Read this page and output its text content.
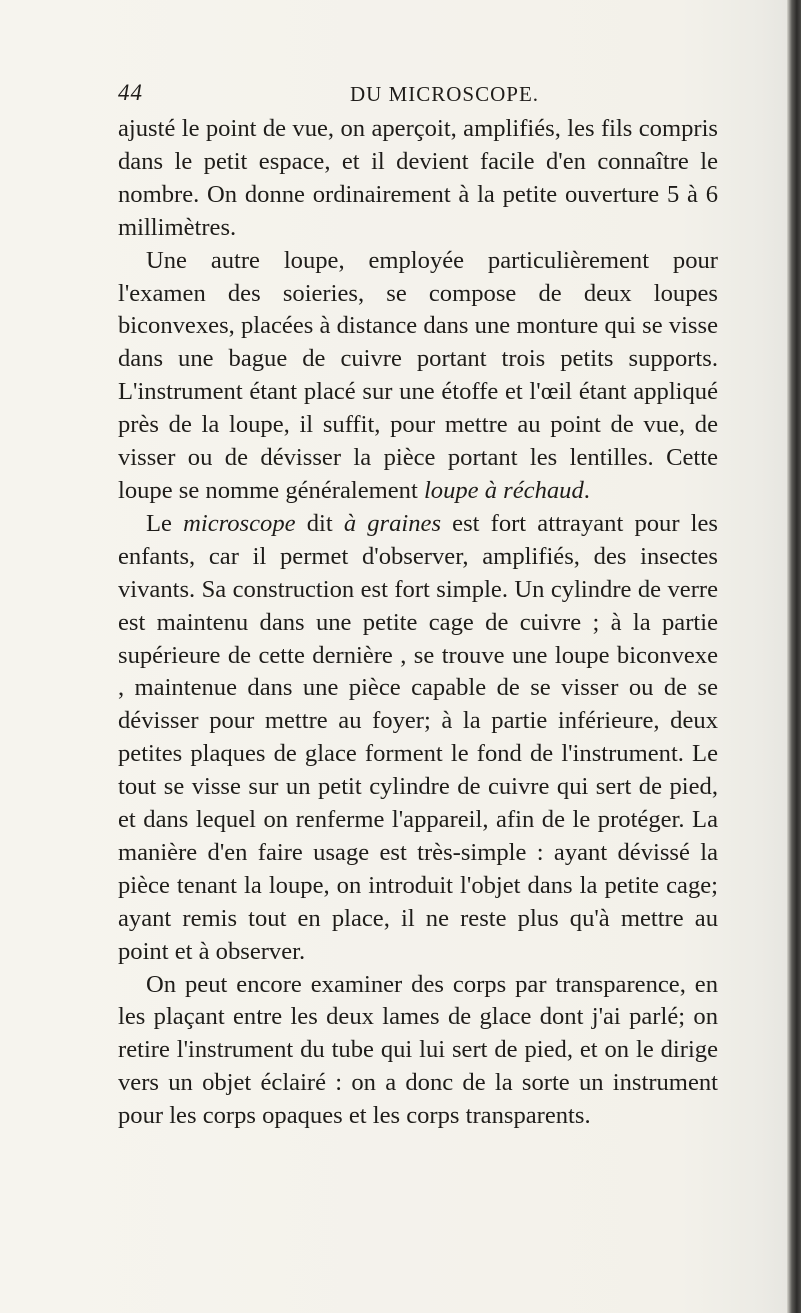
44	DU MICROSCOPE.

ajusté le point de vue, on aperçoit, amplifiés, les fils compris dans le petit espace, et il devient facile d'en connaître le nombre. On donne ordinairement à la petite ouverture 5 à 6 millimètres.

Une autre loupe, employée particulièrement pour l'examen des soieries, se compose de deux loupes biconvexes, placées à distance dans une monture qui se visse dans une bague de cuivre portant trois petits supports. L'instrument étant placé sur une étoffe et l'œil étant appliqué près de la loupe, il suffit, pour mettre au point de vue, de visser ou de dévisser la pièce portant les lentilles. Cette loupe se nomme généralement loupe à réchaud.

Le microscope dit à graines est fort attrayant pour les enfants, car il permet d'observer, amplifiés, des insectes vivants. Sa construction est fort simple. Un cylindre de verre est maintenu dans une petite cage de cuivre ; à la partie supérieure de cette dernière , se trouve une loupe biconvexe , maintenue dans une pièce capable de se visser ou de se dévisser pour mettre au foyer; à la partie inférieure, deux petites plaques de glace forment le fond de l'instrument. Le tout se visse sur un petit cylindre de cuivre qui sert de pied, et dans lequel on renferme l'appareil, afin de le protéger. La manière d'en faire usage est très-simple : ayant dévissé la pièce tenant la loupe, on introduit l'objet dans la petite cage; ayant remis tout en place, il ne reste plus qu'à mettre au point et à observer.

On peut encore examiner des corps par transparence, en les plaçant entre les deux lames de glace dont j'ai parlé; on retire l'instrument du tube qui lui sert de pied, et on le dirige vers un objet éclairé : on a donc de la sorte un instrument pour les corps opaques et les corps transparents.
